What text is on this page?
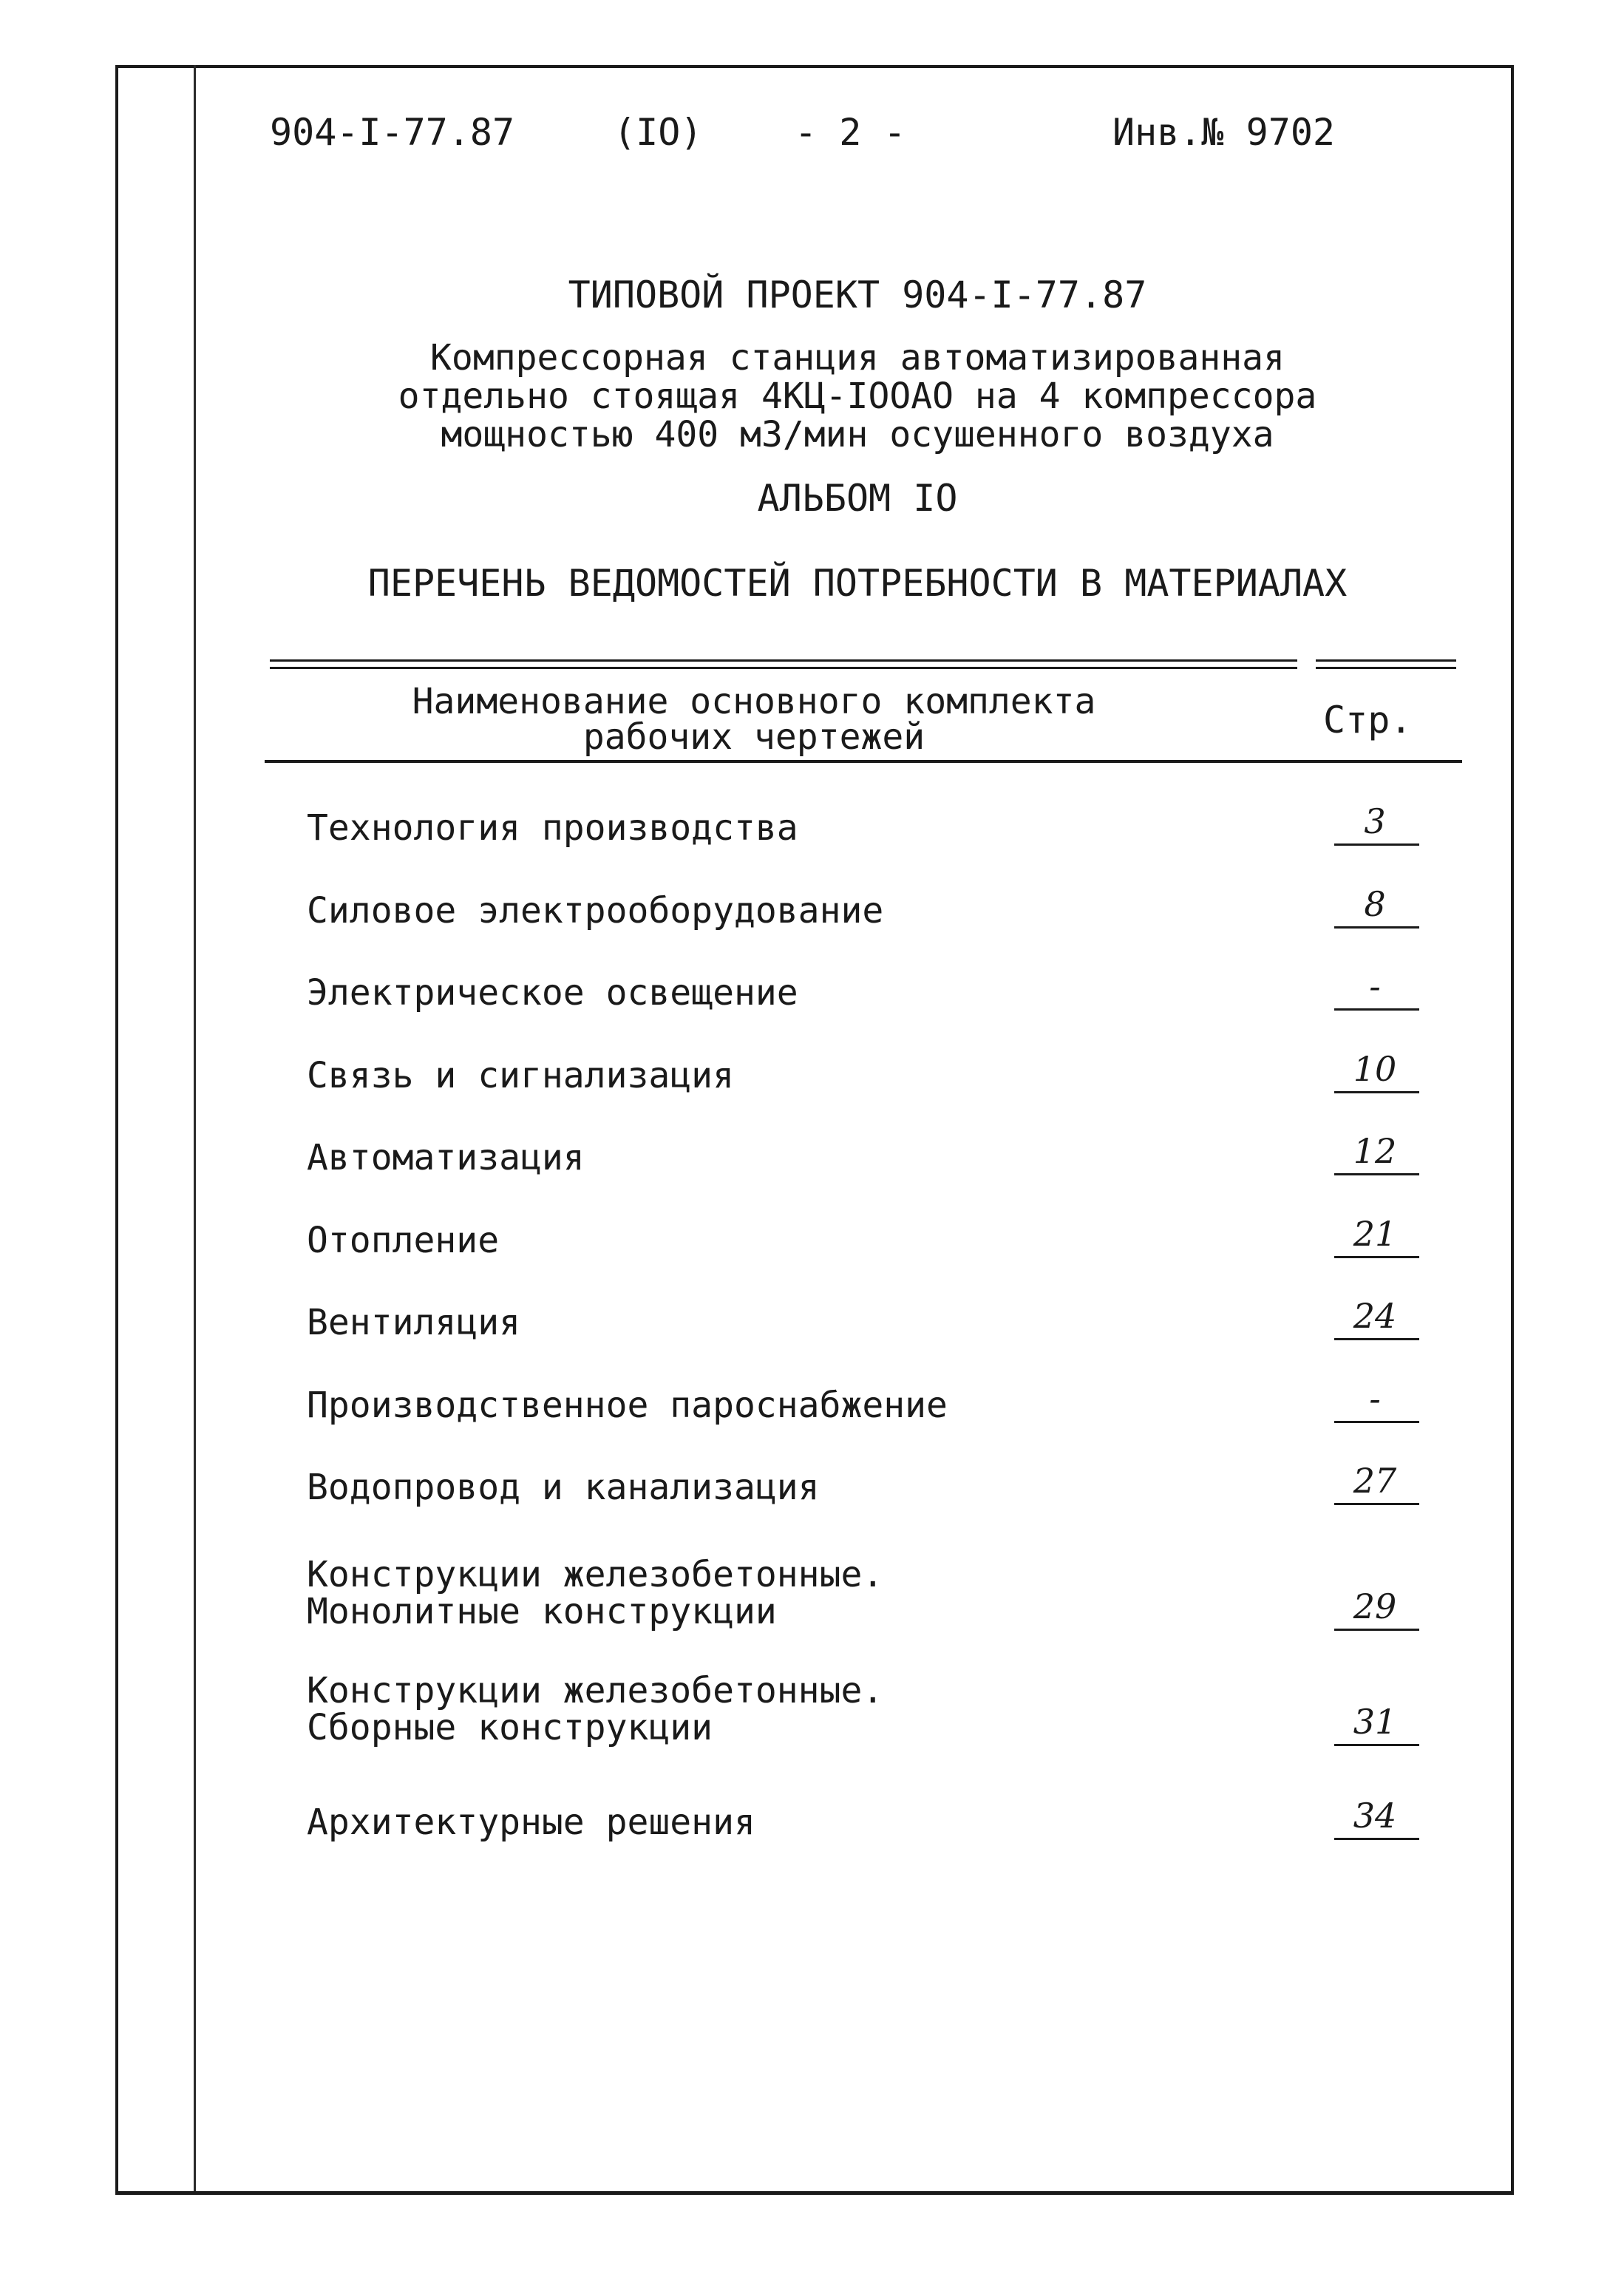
904-I-77.87	(IO) - 2 -	Инв.№ 9702
ТИПОВОЙ ПРОЕКТ 904-I-77.87
Компрессорная станция автоматизированная
отдельно стоящая 4КЦ-IOOAO на 4 компрессора
мощностью 400 м3/мин осушенного воздуха
АЛЬБОМ IO
ПЕРЕЧЕНЬ ВЕДОМОСТЕЙ ПОТРЕБНОСТИ В МАТЕРИАЛАХ
Наименование основного комплекта
рабочих чертежей	Стр.
Технология производства	3
Силовое электрооборудование	8
Электрическое освещение	-
Связь и сигнализация	10
Автоматизация	12
Отопление	21
Вентиляция	24
Производственное пароснабжение	-
Водопровод и канализация	27
Конструкции железобетонные.
Монолитные конструкции	29
Конструкции железобетонные.
Сборные конструкции	31
Архитектурные решения	34
